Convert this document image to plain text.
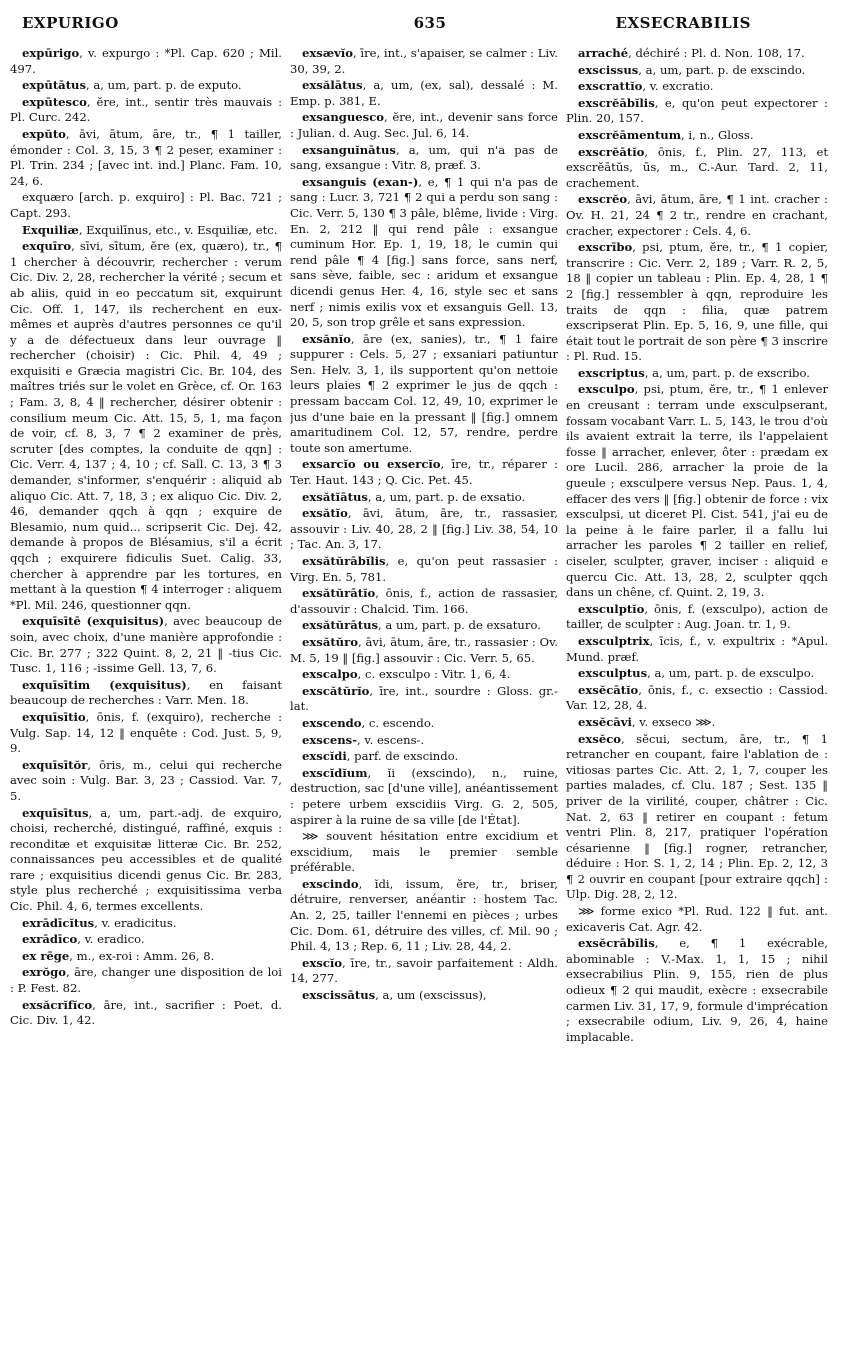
EXPURIGO	635	EXSECRABILIS

expūrigo, v. expurgo : *Pl. Cap. 620 ; Mil. 497.

expūtātus, a, um, part. p. de exputo.

expūtesco, ĕre, int., sentir très mauvais : Pl. Curc. 242.

expŭto, āvi, ātum, āre, tr., ¶ 1 tailler, émonder : Col. 3, 15, 3 ¶ 2 peser, examiner : Pl. Trin. 234 ; [avec int. ind.] Planc. Fam. 10, 24, 6.

exquæro [arch. p. exquiro] : Pl. Bac. 721 ; Capt. 293.

Exquiliæ, Exquilīnus, etc., v. Esquiliæ, etc.

exquīro, sīvi, sītum, ĕre (ex, quæro), tr., ¶ 1 chercher à découvrir, rechercher : verum Cic. Div. 2, 28, rechercher la vérité ; secum et ab aliis, quid in eo peccatum sit, exquirunt Cic. Off. 1, 147, ils recherchent en eux-mêmes et auprès d'autres personnes ce qu'il y a de défectueux dans leur ouvrage ‖ rechercher (choisir) : Cic. Phil. 4, 49 ; exquisiti e Græcia magistri Cic. Br. 104, des maîtres triés sur le volet en Grèce, cf. Or. 163 ; Fam. 3, 8, 4 ‖ rechercher, désirer obtenir : consilium meum Cic. Att. 15, 5, 1, ma façon de voir, cf. 8, 3, 7 ¶ 2 examiner de près, scruter [des comptes, la conduite de qqn] : Cic. Verr. 4, 137 ; 4, 10 ; cf. Sall. C. 13, 3 ¶ 3 demander, s'informer, s'enquérir : aliquid ab aliquo Cic. Att. 7, 18, 3 ; ex aliquo Cic. Div. 2, 46, demander qqch à qqn ; exquire de Blesamio, num quid... scripserit Cic. Dej. 42, demande à propos de Blésamius, s'il a écrit qqch ; exquirere fidiculis Suet. Calig. 33, chercher à apprendre par les tortures, en mettant à la question ¶ 4 interroger : aliquem *Pl. Mil. 246, questionner qqn.

exquīsītē (exquisitus), avec beaucoup de soin, avec choix, d'une manière approfondie : Cic. Br. 277 ; 322 Quint. 8, 2, 21 ‖ -tius Cic. Tusc. 1, 116 ; -issime Gell. 13, 7, 6.

exquīsītim (exquisitus), en faisant beaucoup de recherches : Varr. Men. 18.

exquīsītio, ōnis, f. (exquiro), recherche : Vulg. Sap. 14, 12 ‖ enquête : Cod. Just. 5, 9, 9.

exquīsītŏr, ōris, m., celui qui recherche avec soin : Vulg. Bar. 3, 23 ; Cassiod. Var. 7, 5.

exquīsītus, a, um, part.-adj. de exquiro, choisi, recherché, distingué, raffiné, exquis : reconditæ et exquisitæ litteræ Cic. Br. 252, connaissances peu accessibles et de qualité rare ; exquisitius dicendi genus Cic. Br. 283, style plus recherché ; exquisitissima verba Cic. Phil. 4, 6, termes excellents.

exrādīcĭtus, v. eradicitus.

exrādīco, v. eradico.

ex rēge, m., ex-roi : Amm. 26, 8.

exrŏgo, āre, changer une disposition de loi : P. Fest. 82.

exsăcrĭfĭco, āre, int., sacrifier : Poet. d. Cic. Div. 1, 42.

exsævĭo, īre, int., s'apaiser, se calmer : Liv. 30, 39, 2.

exsălātus, a, um, (ex, sal), dessalé : M. Emp. p. 381, E.

exsanguesco, ĕre, int., devenir sans force : Julian. d. Aug. Sec. Jul. 6, 14.

exsanguĭnātus, a, um, qui n'a pas de sang, exsangue : Vitr. 8, præf. 3.

exsanguis (exan-), e, ¶ 1 qui n'a pas de sang : Lucr. 3, 721 ¶ 2 qui a perdu son sang : Cic. Verr. 5, 130 ¶ 3 pâle, blême, livide : Virg. En. 2, 212 ‖ qui rend pâle : exsangue cuminum Hor. Ep. 1, 19, 18, le cumin qui rend pâle ¶ 4 [fig.] sans force, sans nerf, sans sève, faible, sec : aridum et exsangue dicendi genus Her. 4, 16, style sec et sans nerf ; nimis exilis vox et exsanguis Gell. 13, 20, 5, son trop grêle et sans expression.

exsănĭo, āre (ex, sanies), tr., ¶ 1 faire suppurer : Cels. 5, 27 ; exsaniari patiuntur Sen. Helv. 3, 1, ils supportent qu'on nettoie leurs plaies ¶ 2 exprimer le jus de qqch : pressam baccam Col. 12, 49, 10, exprimer le jus d'une baie en la pressant ‖ [fig.] omnem amaritudinem Col. 12, 57, rendre, perdre toute son amertume.

exsarcĭo ou exsercĭo, īre, tr., réparer : Ter. Haut. 143 ; Q. Cic. Pet. 45.

exsătĭātus, a, um, part. p. de exsatio.

exsătĭo, āvi, ātum, āre, tr., rassasier, assouvir : Liv. 40, 28, 2 ‖ [fig.] Liv. 38, 54, 10 ; Tac. An. 3, 17.

exsătŭrābĭlis, e, qu'on peut rassasier : Virg. En. 5, 781.

exsătŭrātĭo, ōnis, f., action de rassasier, d'assouvir : Chalcid. Tim. 166.

exsătŭrātus, a um, part. p. de exsaturo.

exsătŭro, āvi, ātum, āre, tr., rassasier : Ov. M. 5, 19 ‖ [fig.] assouvir : Cic. Verr. 5, 65.

exscalpo, c. exsculpo : Vitr. 1, 6, 4.

exscătŭrĭo, īre, int., sourdre : Gloss. gr.-lat.

exscendo, c. escendo.

exscens-, v. escens-.

exscĭdi, parf. de exscindo.

exscĭdĭum, ĭi (exscindo), n., ruine, destruction, sac [d'une ville], anéantissement : petere urbem exscidiis Virg. G. 2, 505, aspirer à la ruine de sa ville [de l'État].

⋙ souvent hésitation entre excidium et exscidium, mais le premier semble préférable.

exscindo, ĭdi, issum, ĕre, tr., briser, détruire, renverser, anéantir : hostem Tac. An. 2, 25, tailler l'ennemi en pièces ; urbes Cic. Dom. 61, détruire des villes, cf. Mil. 90 ; Phil. 4, 13 ; Rep. 6, 11 ; Liv. 28, 44, 2.

exscĭo, īre, tr., savoir parfaitement : Aldh. 14, 277.

exscissātus, a, um (exscissus),

arraché, déchiré : Pl. d. Non. 108, 17.

exscissus, a, um, part. p. de exscindo.

exscrattĭo, v. excratio.

exscrĕābĭlis, e, qu'on peut expectorer : Plin. 20, 157.

exscrĕāmentum, i, n., Gloss.

exscrĕātĭo, ōnis, f., Plin. 27, 113, et exscrĕātŭs, ūs, m., C.-Aur. Tard. 2, 11, crachement.

exscrĕo, āvi, ātum, āre, ¶ 1 int. cracher : Ov. H. 21, 24 ¶ 2 tr., rendre en crachant, cracher, expectorer : Cels. 4, 6.

exscrībo, psi, ptum, ĕre, tr., ¶ 1 copier, transcrire : Cic. Verr. 2, 189 ; Varr. R. 2, 5, 18 ‖ copier un tableau : Plin. Ep. 4, 28, 1 ¶ 2 [fig.] ressembler à qqn, reproduire les traits de qqn : filia, quæ patrem exscripserat Plin. Ep. 5, 16, 9, une fille, qui était tout le portrait de son père ¶ 3 inscrire : Pl. Rud. 15.

exscriptus, a, um, part. p. de exscribo.

exsculpo, psi, ptum, ĕre, tr., ¶ 1 enlever en creusant : terram unde exsculpserant, fossam vocabant Varr. L. 5, 143, le trou d'où ils avaient extrait la terre, ils l'appelaient fosse ‖ arracher, enlever, ôter : prædam ex ore Lucil. 286, arracher la proie de la gueule ; exsculpere versus Nep. Paus. 1, 4, effacer des vers ‖ [fig.] obtenir de force : vix exsculpsi, ut diceret Pl. Cist. 541, j'ai eu de la peine à le faire parler, il a fallu lui arracher les paroles ¶ 2 tailler en relief, ciseler, sculpter, graver, inciser : aliquid e quercu Cic. Att. 13, 28, 2, sculpter qqch dans un chêne, cf. Quint. 2, 19, 3.

exsculptĭo, ōnis, f. (exsculpo), action de tailler, de sculpter : Aug. Joan. tr. 1, 9.

exsculptrix, īcis, f., v. expultrix : *Apul. Mund. præf.

exsculptus, a, um, part. p. de exsculpo.

exsĕcātĭo, ōnis, f., c. exsectio : Cassiod. Var. 12, 28, 4.

exsĕcāvi, v. exseco ⋙.

exsĕco, sĕcui, sectum, āre, tr., ¶ 1 retrancher en coupant, faire l'ablation de : vitiosas partes Cic. Att. 2, 1, 7, couper les parties malades, cf. Clu. 187 ; Sest. 135 ‖ priver de la virilité, couper, châtrer : Cic. Nat. 2, 63 ‖ retirer en coupant : fetum ventri Plin. 8, 217, pratiquer l'opération césarienne ‖ [fig.] rogner, retrancher, déduire : Hor. S. 1, 2, 14 ; Plin. Ep. 2, 12, 3 ¶ 2 ouvrir en coupant [pour extraire qqch] : Ulp. Dig. 28, 2, 12.

⋙ forme exico *Pl. Rud. 122 ‖ fut. ant. exicaveris Cat. Agr. 42.

exsĕcrābĭlis, e, ¶ 1 exécrable, abominable : V.-Max. 1, 1, 15 ; nihil exsecrabilius Plin. 9, 155, rien de plus odieux ¶ 2 qui maudit, exècre : exsecrabile carmen Liv. 31, 17, 9, formule d'imprécation ; exsecrabile odium, Liv. 9, 26, 4, haine implacable.
